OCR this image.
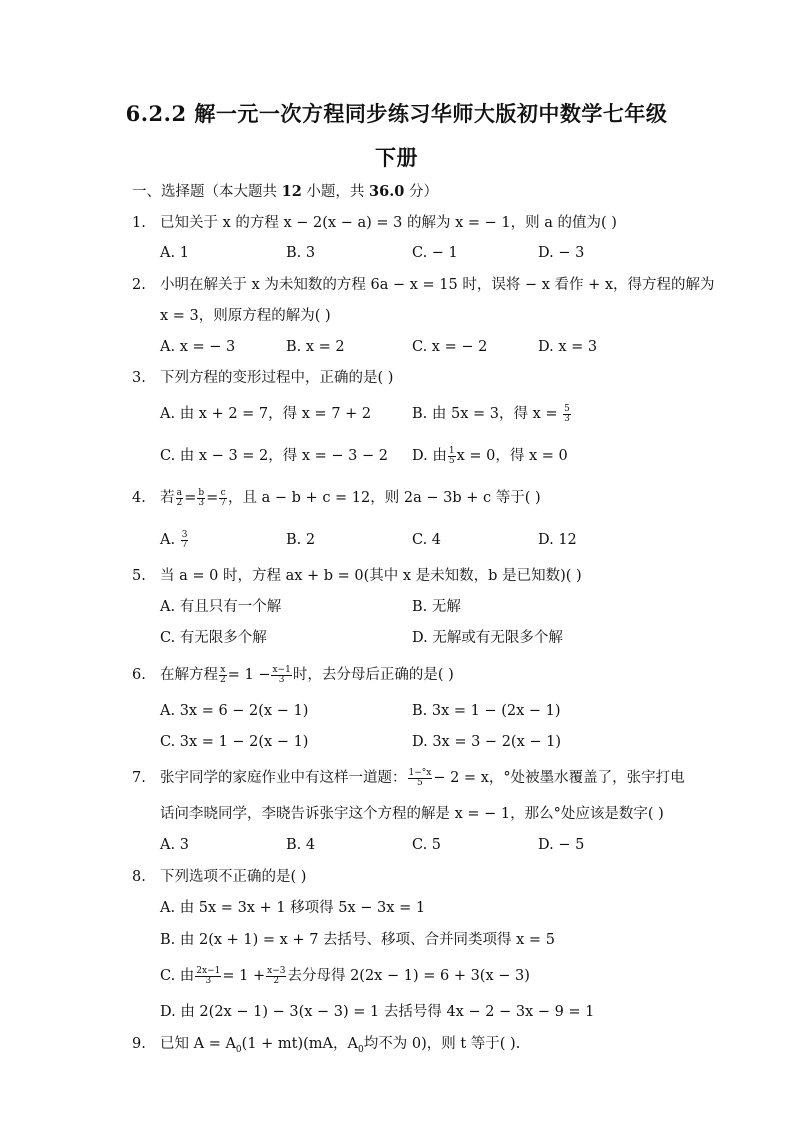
6.2.2 解一元一次方程同步练习华师大版初中数学七年级
下册
一、选择题（本大题共 12 小题，共 36.0 分）
1. 已知关于 x 的方程 x − 2(x − a) = 3 的解为 x = − 1，则 a 的值为( )
A. 1	B. 3	C. − 1	D. − 3
2. 小明在解关于 x 为未知数的方程 6a − x = 15 时，误将 − x 看作 + x，得方程的解为
x = 3，则原方程的解为( )
A. x = − 3	B. x = 2	C. x = − 2	D. x = 3
3. 下列方程的变形过程中，正确的是( )
A. 由 x + 2 = 7，得 x = 7 + 2	B. 由 5x = 3，得 $x = \frac{5}{3}$
C. 由 x − 3 = 2，得 x = − 3 − 2 D. 由 $\frac{1}{5}$ x = 0，得 x = 0
4. 若 $\frac{a}{2} = \frac{b}{3} = \frac{c}{7}$ ，且 a − b + c = 12，则 2a − 3b + c 等于( )
A. $\frac{3}{7}$	B. 2	C. 4	D. 12
5. 当 a = 0 时，方程 ax + b = 0(其中 x 是未知数，b 是已知数)( )
A. 有且只有一个解	B. 无解
C. 有无限多个解	D. 无解或有无限多个解
6. 在解方程 $\frac{x}{2} = 1 - \frac{x-1}{3}$ 时，去分母后正确的是( )
A. 3x = 6 − 2(x − 1)	B. 3x = 1 − (2x − 1)
C. 3x = 1 − 2(x − 1)	D. 3x = 3 − 2(x − 1)
7. 张宇同学的家庭作业中有这样一道题： $\frac{1-^\circ x}{5} - 2 = x$，°处被墨水覆盖了，张宇打电
话问李晓同学，李晓告诉张宇这个方程的解是 x = − 1，那么°处应该是数字( )
A. 3	B. 4	C. 5	D. − 5
8. 下列选项不正确的是( )
A. 由 5x = 3x + 1 移项得 5x − 3x = 1
B. 由 2(x + 1) = x + 7 去括号、移项、合并同类项得 x = 5
C. 由 $\frac{2x-1}{3} = 1 + \frac{x-3}{2}$ 去分母得 2(2x − 1) = 6 + 3(x − 3)
D. 由 2(2x − 1) − 3(x − 3) = 1 去括号得 4x − 2 − 3x − 9 = 1
9. 已知 $A = A_0(1 + mt)(mA$，$A_0$均不为 0)，则 t 等于( ).
